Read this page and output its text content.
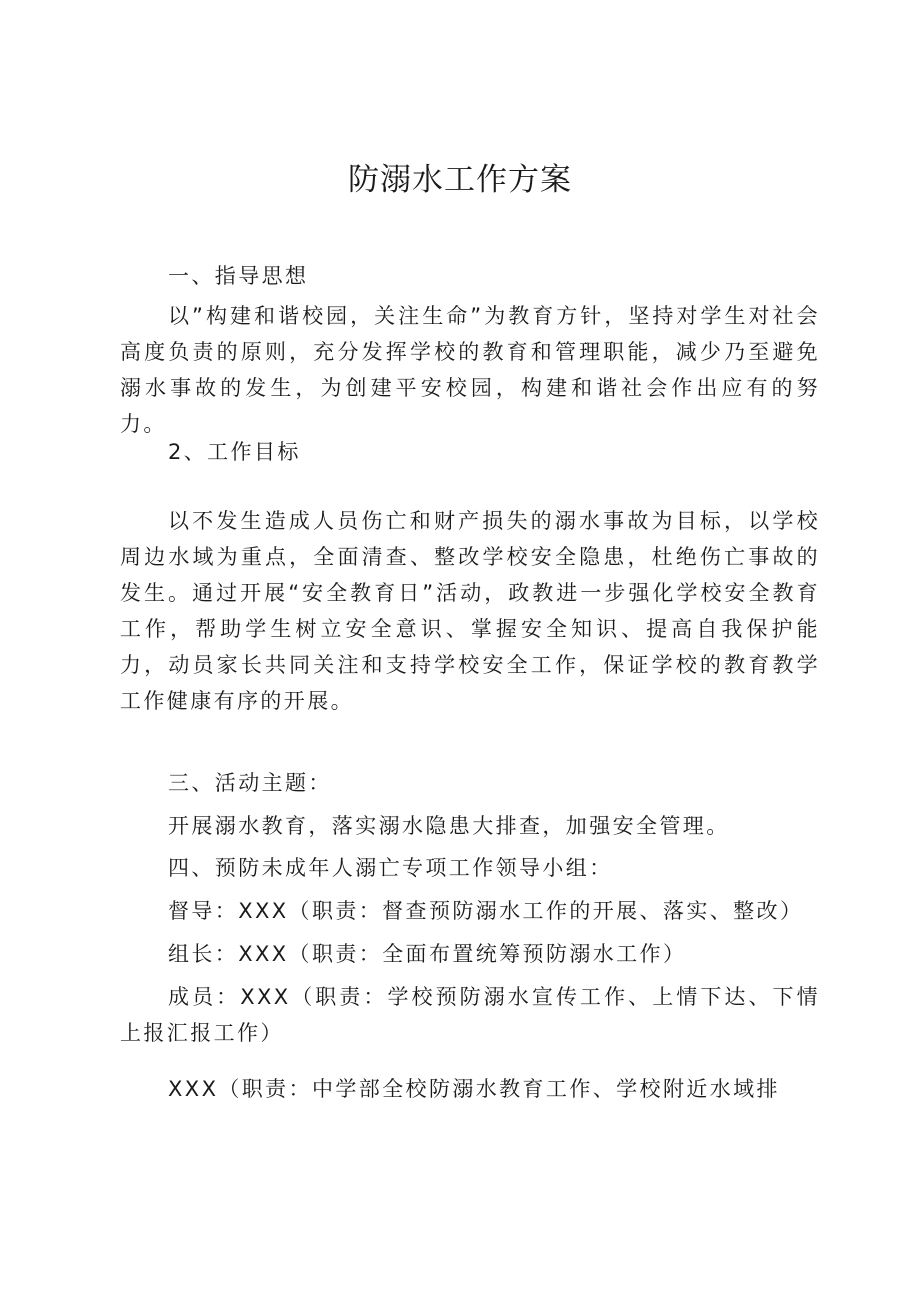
防溺水工作方案

一、指导思想

以”构建和谐校园，关注生命”为教育方针，坚持对学生对社会高度负责的原则，充分发挥学校的教育和管理职能，减少乃至避免溺水事故的发生，为创建平安校园，构建和谐社会作出应有的努力。

2、工作目标

以不发生造成人员伤亡和财产损失的溺水事故为目标，以学校周边水域为重点，全面清查、整改学校安全隐患，杜绝伤亡事故的发生。通过开展“安全教育日”活动，政教进一步强化学校安全教育工作，帮助学生树立安全意识、掌握安全知识、提高自我保护能力，动员家长共同关注和支持学校安全工作，保证学校的教育教学工作健康有序的开展。

三、活动主题：

开展溺水教育，落实溺水隐患大排查，加强安全管理。

四、预防未成年人溺亡专项工作领导小组：

督导：XXX（职责：督查预防溺水工作的开展、落实、整改）

组长：XXX（职责：全面布置统筹预防溺水工作）

成员：XXX（职责：学校预防溺水宣传工作、上情下达、下情上报汇报工作）

XXX（职责：中学部全校防溺水教育工作、学校附近水域排
